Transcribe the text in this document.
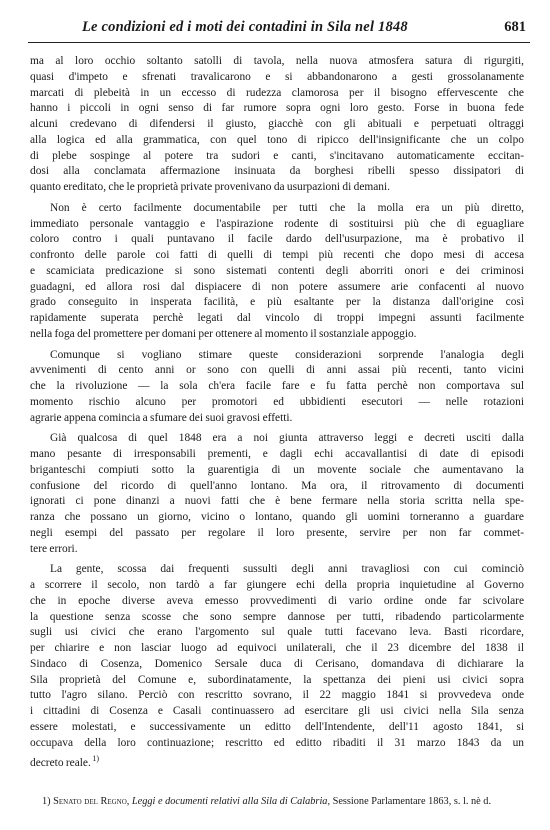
Le condizioni ed i moti dei contadini in Sila nel 1848	681
ma al loro occhio soltanto satolli di tavola, nella nuova atmosfera satura di rigurgiti,
quasi d'impeto e sfrenati travalicarono e si abbandonarono a gesti grossolanamente
marcati di plebeità in un eccesso di rudezza clamorosa per il bisogno effervescente che
hanno i piccoli in ogni senso di far rumore sopra ogni loro gesto. Forse in buona fede
alcuni credevano di difendersi il giusto, giacchè con gli abituali e perpetuati oltraggi
alla logica ed alla grammatica, con quel tono di ripicco dell'insignificante che un colpo
di plebe sospinge al potere tra sudori e canti, s'incitavano automaticamente eccitan-
dosi alla conclamata affermazione insinuata da borghesi ribelli spesso dissipatori di
quanto ereditato, che le proprietà private provenivano da usurpazioni di demani.
Non è certo facilmente documentabile per tutti che la molla era un più diretto,
immediato personale vantaggio e l'aspirazione rodente di sostituirsi più che di eguagliare
coloro contro i quali puntavano il facile dardo dell'usurpazione, ma è probativo il
confronto delle parole coi fatti di quelli di tempi più recenti che dopo mesi di accesa
e scamiciata predicazione si sono sistemati contenti degli aborriti onori e dei criminosi
guadagni, ed allora rosi dal dispiacere di non potere assumere arie confacenti al nuovo
grado conseguito in insperata facilità, e più esaltante per la distanza dall'origine così
rapidamente superata perchè legati dal vincolo di troppi impegni assunti facilmente
nella foga del promettere per domani per ottenere al momento il sostanziale appoggio.
Comunque si vogliano stimare queste considerazioni sorprende l'analogia degli
avvenimenti di cento anni or sono con quelli di anni assai più recenti, tanto vicini
che la rivoluzione — la sola ch'era facile fare e fu fatta perchè non comportava sul
momento rischio alcuno per promotori ed ubbidienti esecutori — nelle rotazioni
agrarie appena comincia a sfumare dei suoi gravosi effetti.
Già qualcosa di quel 1848 era a noi giunta attraverso leggi e decreti usciti dalla
mano pesante di irresponsabili prementi, e dagli echi accavallantisi di date di episodi
briganteschi compiuti sotto la guarentigia di un movente sociale che aumentavano la
confusione del ricordo di quell'anno lontano. Ma ora, il ritrovamento di documenti
ignorati ci pone dinanzi a nuovi fatti che è bene fermare nella storia scritta nella spe-
ranza che possano un giorno, vicino o lontano, quando gli uomini torneranno a guardare
negli esempi del passato per regolare il loro presente, servire per non far commet-
tere errori.
La gente, scossa dai frequenti sussulti degli anni travagliosi con cui cominciò
a scorrere il secolo, non tardò a far giungere echi della propria inquietudine al Governo
che in epoche diverse aveva emesso provvedimenti di vario ordine onde far scivolare
la questione senza scosse che sono sempre dannose per tutti, ribadendo particolarmente
sugli usi civici che erano l'argomento sul quale tutti facevano leva. Basti ricordare,
per chiarire e non lasciar luogo ad equivoci unilaterali, che il 23 dicembre del 1838 il
Sindaco di Cosenza, Domenico Sersale duca di Cerisano, domandava di dichiarare la
Sila proprietà del Comune e, subordinatamente, la spettanza dei pieni usi civici sopra
tutto l'agro silano. Perciò con rescritto sovrano, il 22 maggio 1841 si provvedeva onde
i cittadini di Cosenza e Casali continuassero ad esercitare gli usi civici nella Sila senza
essere molestati, e successivamente un editto dell'Intendente, dell'11 agosto 1841, si
occupava della loro continuazione; rescritto ed editto ribaditi il 31 marzo 1843 da un
decreto reale. $^{1)}$
1) Senato del Regno, Leggi e documenti relativi alla Sila di Calabria, Sessione Parlamentare 1863, s. l. nè d.
